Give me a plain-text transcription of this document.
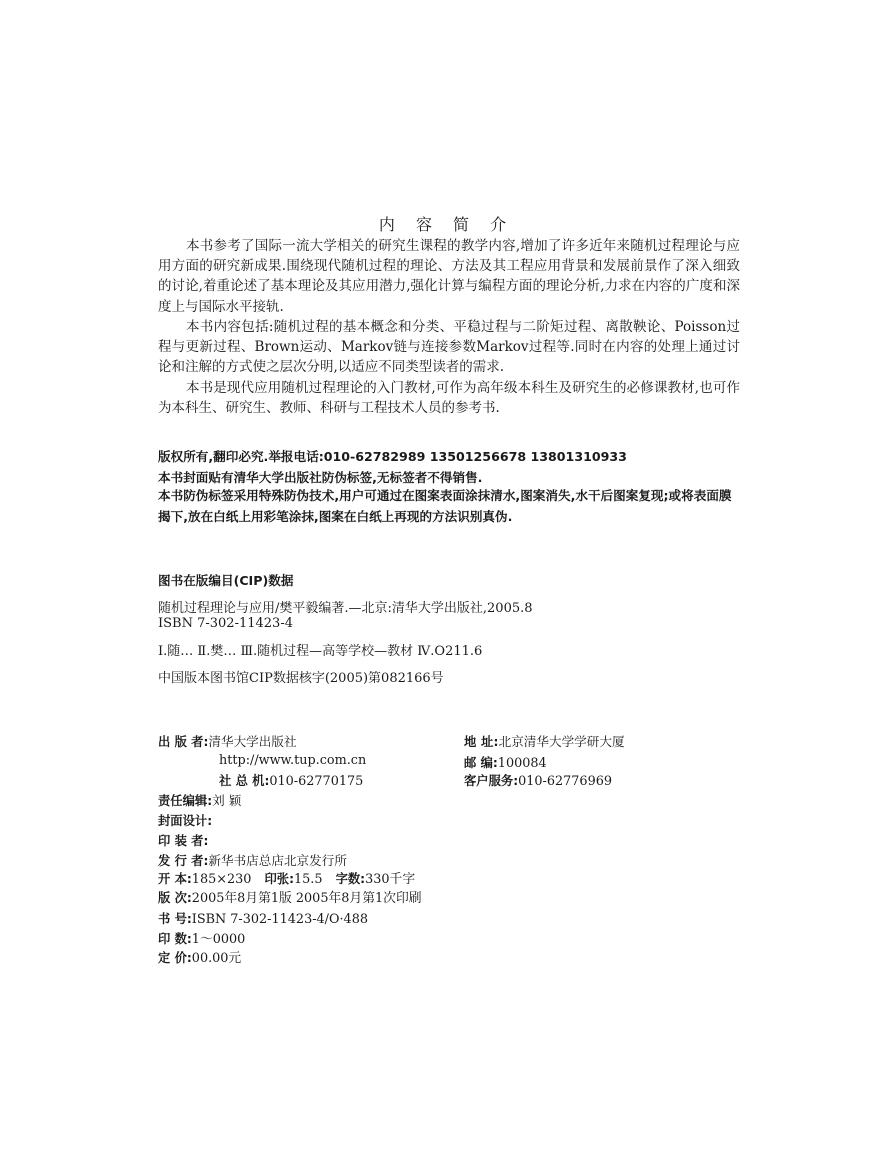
内 容 简 介

本书参考了国际一流大学相关的研究生课程的教学内容,增加了许多近年来随机过程理论与应用方面的研究新成果.围绕现代随机过程的理论、方法及其工程应用背景和发展前景作了深入细致的讨论,着重论述了基本理论及其应用潜力,强化计算与编程方面的理论分析,力求在内容的广度和深度上与国际水平接轨.

本书内容包括:随机过程的基本概念和分类、平稳过程与二阶矩过程、离散鞅论、Poisson过程与更新过程、Brown运动、Markov链与连接参数Markov过程等.同时在内容的处理上通过讨论和注解的方式使之层次分明,以适应不同类型读者的需求.

本书是现代应用随机过程理论的入门教材,可作为高年级本科生及研究生的必修课教材,也可作为本科生、研究生、教师、科研与工程技术人员的参考书.

版权所有,翻印必究.举报电话:010-62782989 13501256678 13801310933
本书封面贴有清华大学出版社防伪标签,无标签者不得销售.
本书防伪标签采用特殊防伪技术,用户可通过在图案表面涂抹清水,图案消失,水干后图案复现;或将表面膜揭下,放在白纸上用彩笔涂抹,图案在白纸上再现的方法识别真伪.
图书在版编目(CIP)数据
随机过程理论与应用/樊平毅编著.—北京:清华大学出版社,2005.8
ISBN 7-302-11423-4
Ⅰ.随… Ⅱ.樊… Ⅲ.随机过程—高等学校—教材 Ⅳ.O211.6
中国版本图书馆CIP数据核字(2005)第082166号
出 版 者:清华大学出版社	地 址:北京清华大学学研大厦
http://www.tup.com.cn	邮 编:100084
社 总 机:010-62770175	客户服务:010-62776969
责任编辑:刘 颖
封面设计:
印 装 者:
发 行 者:新华书店总店北京发行所
开 本:185×230 印张:15.5 字数:330千字
版 次:2005年8月第1版 2005年8月第1次印刷
书 号:ISBN 7-302-11423-4/O·488
印 数:1～0000
定 价:00.00元
